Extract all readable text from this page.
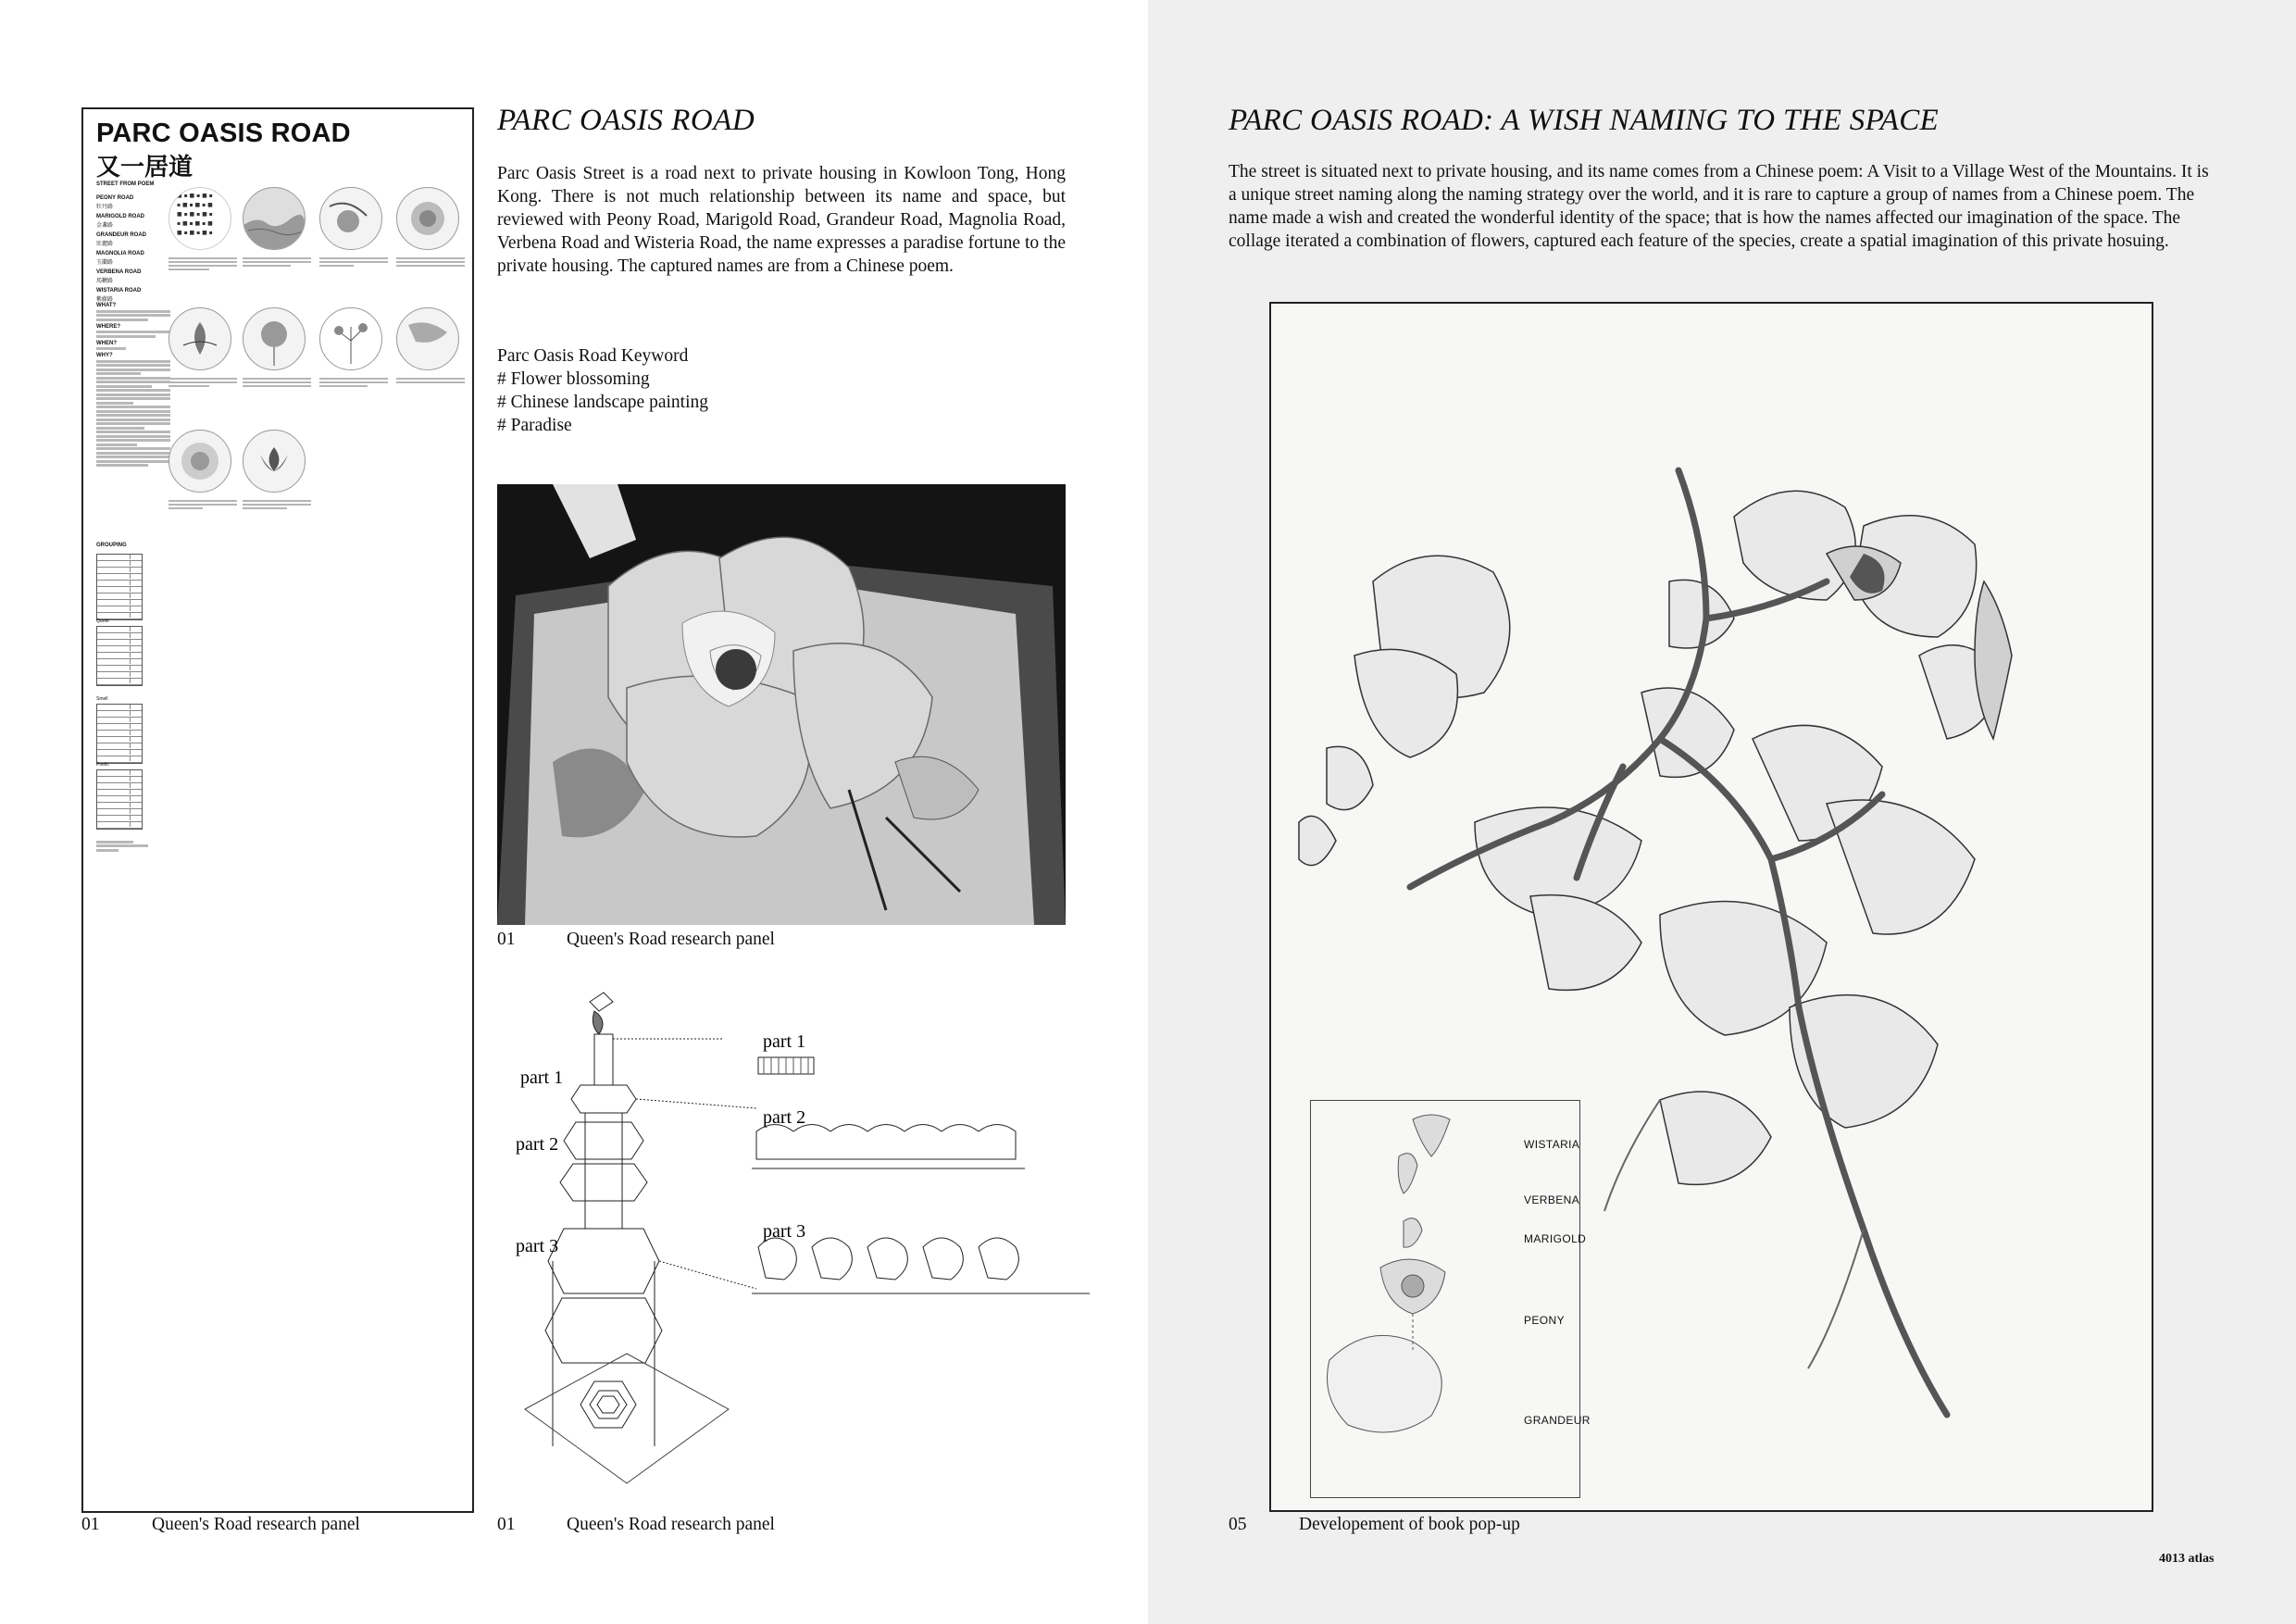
PARC OASIS ROAD
又一居道
STREET FROM POEM
PEONY ROAD
牡丹路
MARIGOLD ROAD
金盞路
GRANDEUR ROAD
壯麗路
MAGNOLIA ROAD
玉蘭路
VERBENA ROAD
馬鞭路
WISTARIA ROAD
紫藤路
WHAT?
WHERE?
WHEN?
WHY?
GROUPING
Quote
Smell
Poetic
■ ▪ ■ ▪ ■ ▪
▪ ■ ▪ ■ ▪ ■
■ ▪ ■ ▪ ■ ▪
▪ ■ ▪ ■ ▪ ■
■ ▪ ■ ▪ ■ ▪
01	Queen's Road research panel
PARC OASIS ROAD

Parc Oasis Street is a road next to private housing in Kowloon Tong, Hong Kong. There is not much relationship between its name and space, but reviewed with Peony Road, Marigold Road, Grandeur Road, Magnolia Road, Verbena Road and Wisteria Road, the name expresses a paradise fortune to the private housing. The captured names are from a Chinese poem.

Parc Oasis Road Keyword
# Flower blossoming
# Chinese landscape painting
# Paradise
01	Queen's Road research panel
part 1
part 2
part 3
part 1
part 2
part 3
01	Queen's Road research panel
PARC OASIS ROAD: A WISH NAMING TO THE SPACE

The street is situated next to private housing, and its name comes from a Chinese poem: A Visit to a Village West of the Mountains. It is a unique street naming along the naming strategy over the world, and it is rare to capture a group of names from a Chinese poem. The name made a wish and created the wonderful identity of the space; that is how the names affected our imagination of the space. The collage iterated a combination of flowers, captured each feature of the species, create a spatial imagination of this private hosuing.

WISTARIA
VERBENA
MARIGOLD
PEONY
GRANDEUR
05	Developement of book pop-up
4013 atlas
